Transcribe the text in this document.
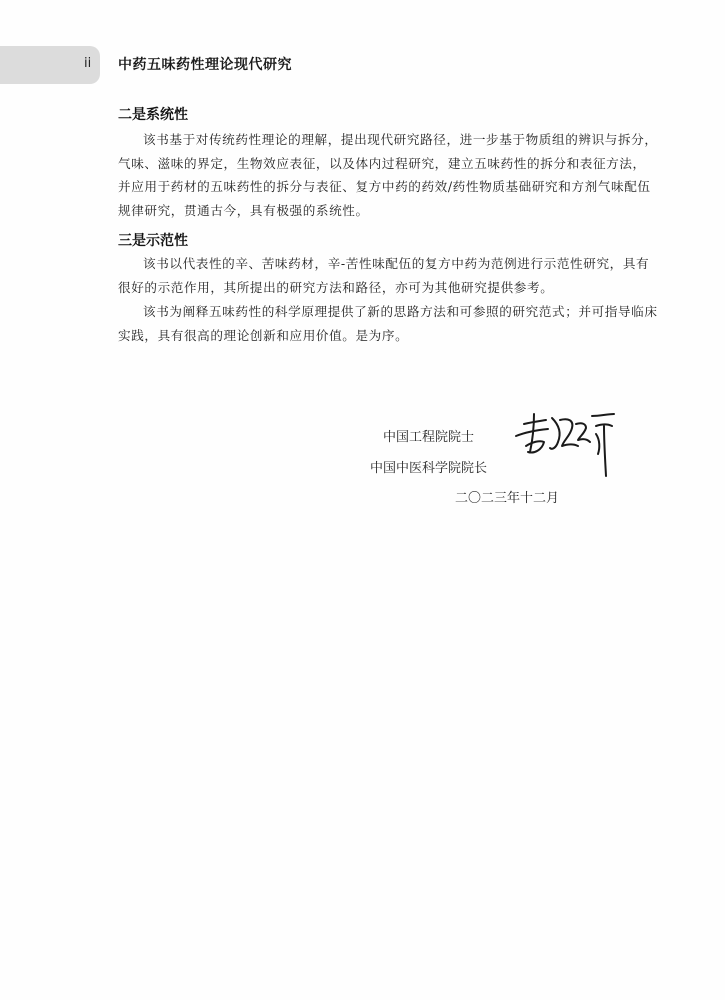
ii 中药五味药性理论现代研究
二是系统性
该书基于对传统药性理论的理解，提出现代研究路径，进一步基于物质组的辨识与拆分，气味、滋味的界定，生物效应表征，以及体内过程研究，建立五味药性的拆分和表征方法，并应用于药材的五味药性的拆分与表征、复方中药的药效/药性物质基础研究和方剂气味配伍规律研究，贯通古今，具有极强的系统性。
三是示范性
该书以代表性的辛、苦味药材，辛-苦性味配伍的复方中药为范例进行示范性研究，具有很好的示范作用，其所提出的研究方法和路径，亦可为其他研究提供参考。
该书为阐释五味药性的科学原理提供了新的思路方法和可参照的研究范式；并可指导临床实践，具有很高的理论创新和应用价值。是为序。
中国工程院院士
中国中医科学院院长
二〇二三年十二月
